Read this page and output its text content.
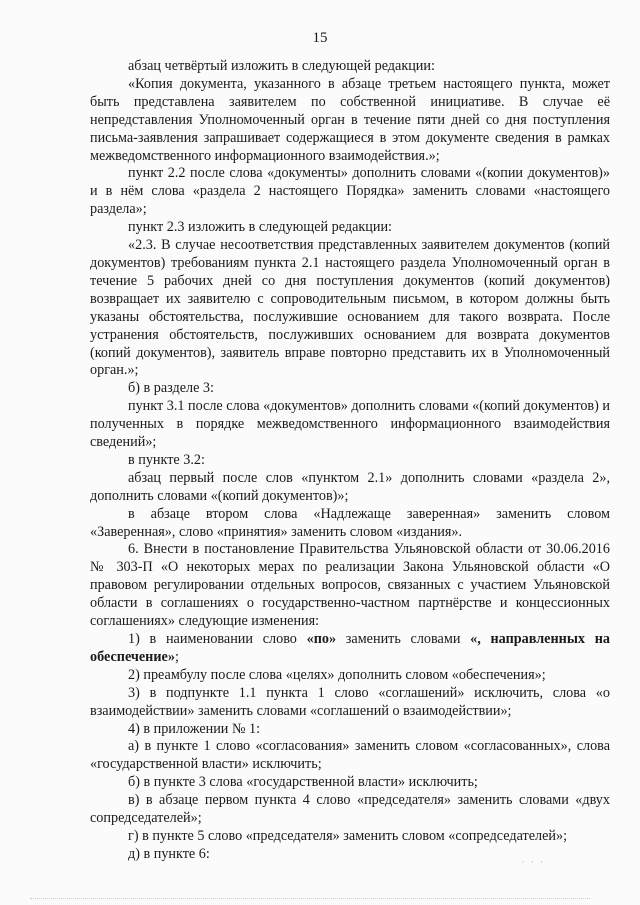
15

абзац четвёртый изложить в следующей редакции:

«Копия документа, указанного в абзаце третьем настоящего пункта, может быть представлена заявителем по собственной инициативе. В случае её непредставления Уполномоченный орган в течение пяти дней со дня поступления письма-заявления запрашивает содержащиеся в этом документе сведения в рамках межведомственного информационного взаимодействия.»;

пункт 2.2 после слова «документы» дополнить словами «(копии документов)» и в нём слова «раздела 2 настоящего Порядка» заменить словами «настоящего раздела»;

пункт 2.3 изложить в следующей редакции:

«2.3. В случае несоответствия представленных заявителем документов (копий документов) требованиям пункта 2.1 настоящего раздела Уполномоченный орган в течение 5 рабочих дней со дня поступления документов (копий документов) возвращает их заявителю с сопроводительным письмом, в котором должны быть указаны обстоятельства, послужившие основанием для такого возврата. После устранения обстоятельств, послуживших основанием для возврата документов (копий документов), заявитель вправе повторно представить их в Уполномоченный орган.»;

б) в разделе 3:

пункт 3.1 после слова «документов» дополнить словами «(копий документов) и полученных в порядке межведомственного информационного взаимодействия сведений»;

в пункте 3.2:

абзац первый после слов «пунктом 2.1» дополнить словами «раздела 2», дополнить словами «(копий документов)»;

в абзаце втором слова «Надлежаще заверенная» заменить словом «Заверенная», слово «принятия» заменить словом «издания».

6. Внести в постановление Правительства Ульяновской области от 30.06.2016 № 303-П «О некоторых мерах по реализации Закона Ульяновской области «О правовом регулировании отдельных вопросов, связанных с участием Ульяновской области в соглашениях о государственно-частном партнёрстве и концессионных соглашениях» следующие изменения:

1) в наименовании слово «по» заменить словами «, направленных на обеспечение»;

2) преамбулу после слова «целях» дополнить словом «обеспечения»;

3) в подпункте 1.1 пункта 1 слово «соглашений» исключить, слова «о взаимодействии» заменить словами «соглашений о взаимодействии»;

4) в приложении № 1:

а) в пункте 1 слово «согласования» заменить словом «согласованных», слова «государственной власти» исключить;

б) в пункте 3 слова «государственной власти» исключить;

в) в абзаце первом пункта 4 слово «председателя» заменить словами «двух сопредседателей»;

г) в пункте 5 слово «председателя» заменить словом «сопредседателей»;

д) в пункте 6:

˙ ˙ ˙
